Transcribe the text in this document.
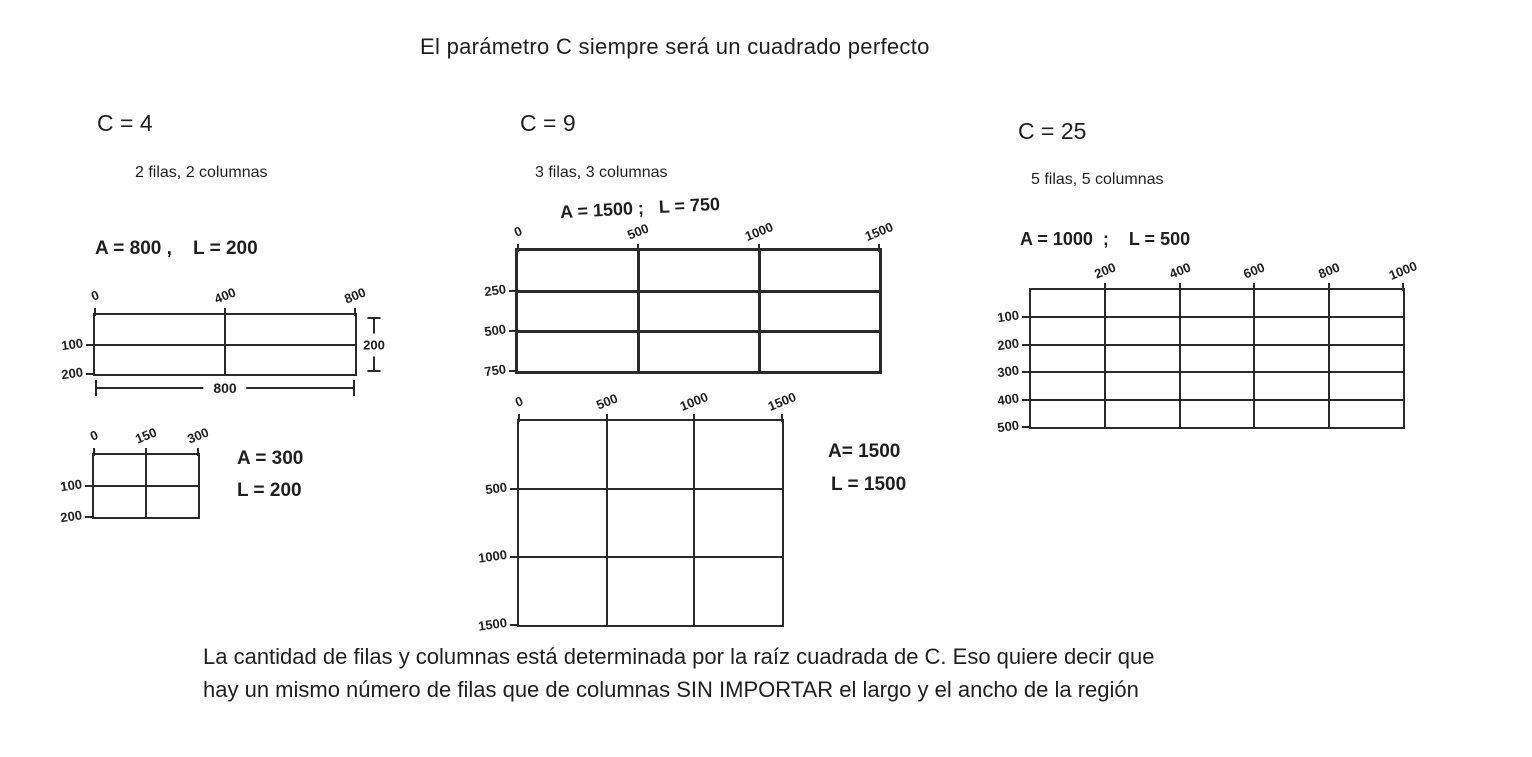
El parámetro C siempre será un cuadrado perfecto
C = 4
2 filas, 2 columnas
A = 800 ,    L = 200
0	400	800
100
200
200
800
0	150 300
100
200
A = 300
L = 200
C = 9
3 filas, 3 columnas
A = 1500 ;   L = 750
0	500	1000	1500
250
500
750
0	500	1000	1500
500
1000
1500
A= 1500
L = 1500
C = 25
5 filas, 5 columnas
A = 1000  ;    L = 500
200	400	600	800	1000
100
200
300
400
500
La cantidad de filas y columnas está determinada por la raíz cuadrada de C. Eso quiere decir que
hay un mismo número de filas que de columnas SIN IMPORTAR el largo y el ancho de la región
